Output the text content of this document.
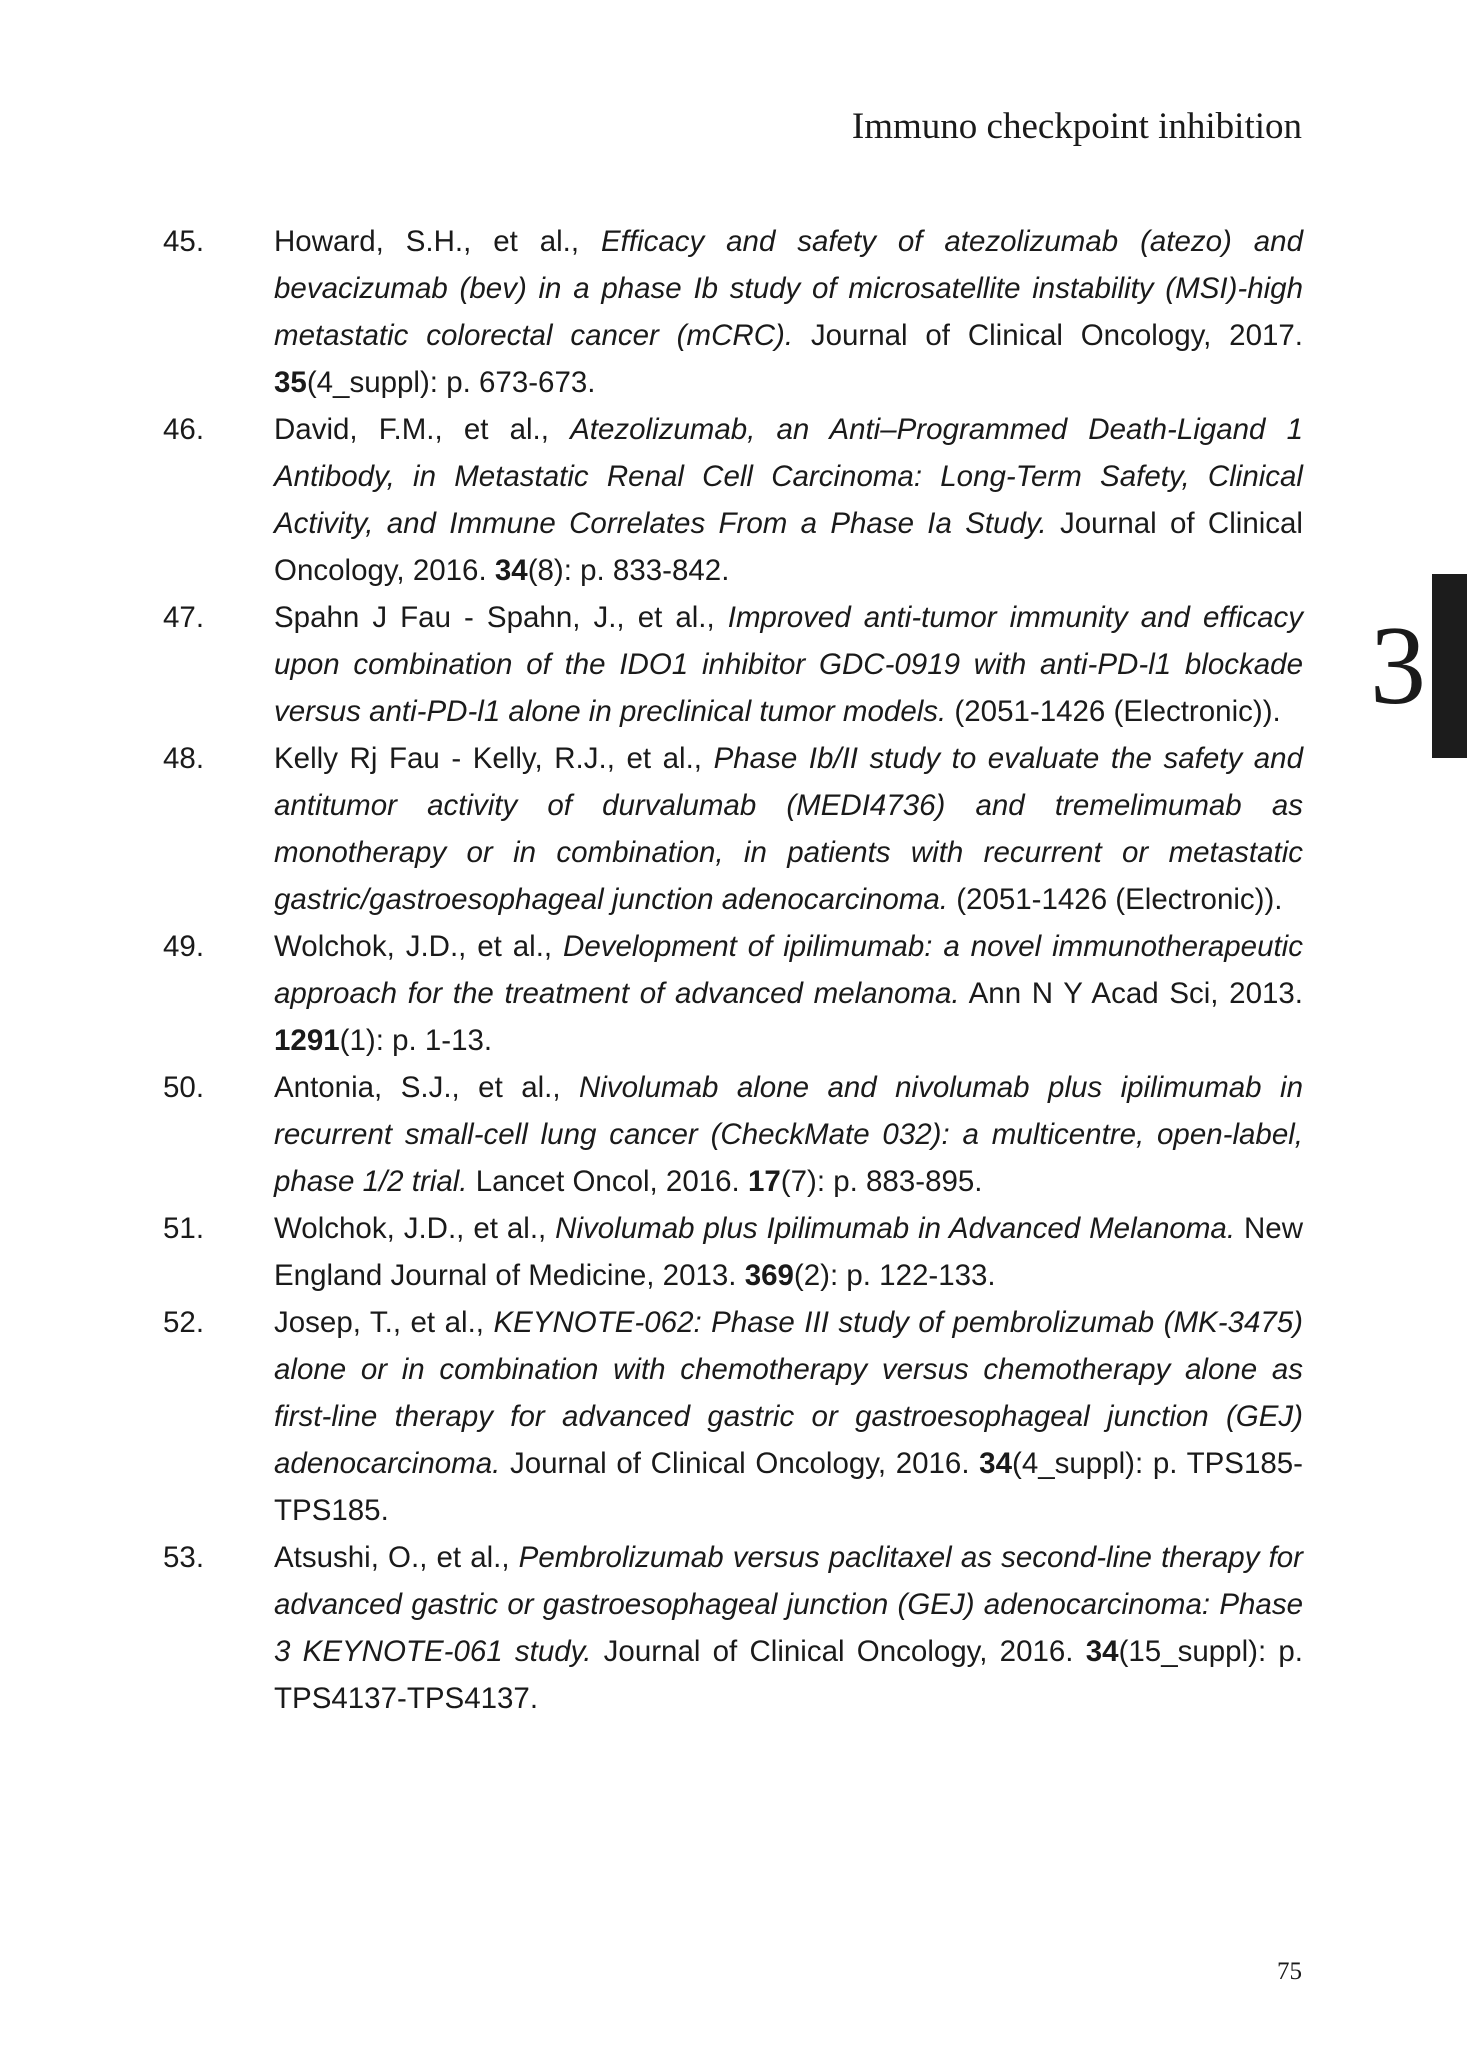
Immuno checkpoint inhibition
45.	Howard, S.H., et al., Efficacy and safety of atezolizumab (atezo) and bevacizumab (bev) in a phase Ib study of microsatellite instability (MSI)-high metastatic colorectal cancer (mCRC). Journal of Clinical Oncology, 2017. 35(4_suppl): p. 673-673.
46.	David, F.M., et al., Atezolizumab, an Anti–Programmed Death-Ligand 1 Antibody, in Metastatic Renal Cell Carcinoma: Long-Term Safety, Clinical Activity, and Immune Correlates From a Phase Ia Study. Journal of Clinical Oncology, 2016. 34(8): p. 833-842.
47.	Spahn J Fau - Spahn, J., et al., Improved anti-tumor immunity and efficacy upon combination of the IDO1 inhibitor GDC-0919 with anti-PD-l1 blockade versus anti-PD-l1 alone in preclinical tumor models. (2051-1426 (Electronic)).
48.	Kelly Rj Fau - Kelly, R.J., et al., Phase Ib/II study to evaluate the safety and antitumor activity of durvalumab (MEDI4736) and tremelimumab as monotherapy or in combination, in patients with recurrent or metastatic gastric/gastroesophageal junction adenocarcinoma. (2051-1426 (Electronic)).
49.	Wolchok, J.D., et al., Development of ipilimumab: a novel immunotherapeutic approach for the treatment of advanced melanoma. Ann N Y Acad Sci, 2013. 1291(1): p. 1-13.
50.	Antonia, S.J., et al., Nivolumab alone and nivolumab plus ipilimumab in recurrent small-cell lung cancer (CheckMate 032): a multicentre, open-label, phase 1/2 trial. Lancet Oncol, 2016. 17(7): p. 883-895.
51.	Wolchok, J.D., et al., Nivolumab plus Ipilimumab in Advanced Melanoma. New England Journal of Medicine, 2013. 369(2): p. 122-133.
52.	Josep, T., et al., KEYNOTE-062: Phase III study of pembrolizumab (MK-3475) alone or in combination with chemotherapy versus chemotherapy alone as first-line therapy for advanced gastric or gastroesophageal junction (GEJ) adenocarcinoma. Journal of Clinical Oncology, 2016. 34(4_suppl): p. TPS185-TPS185.
53.	Atsushi, O., et al., Pembrolizumab versus paclitaxel as second-line therapy for advanced gastric or gastroesophageal junction (GEJ) adenocarcinoma: Phase 3 KEYNOTE-061 study. Journal of Clinical Oncology, 2016. 34(15_suppl): p. TPS4137-TPS4137.
3
75
